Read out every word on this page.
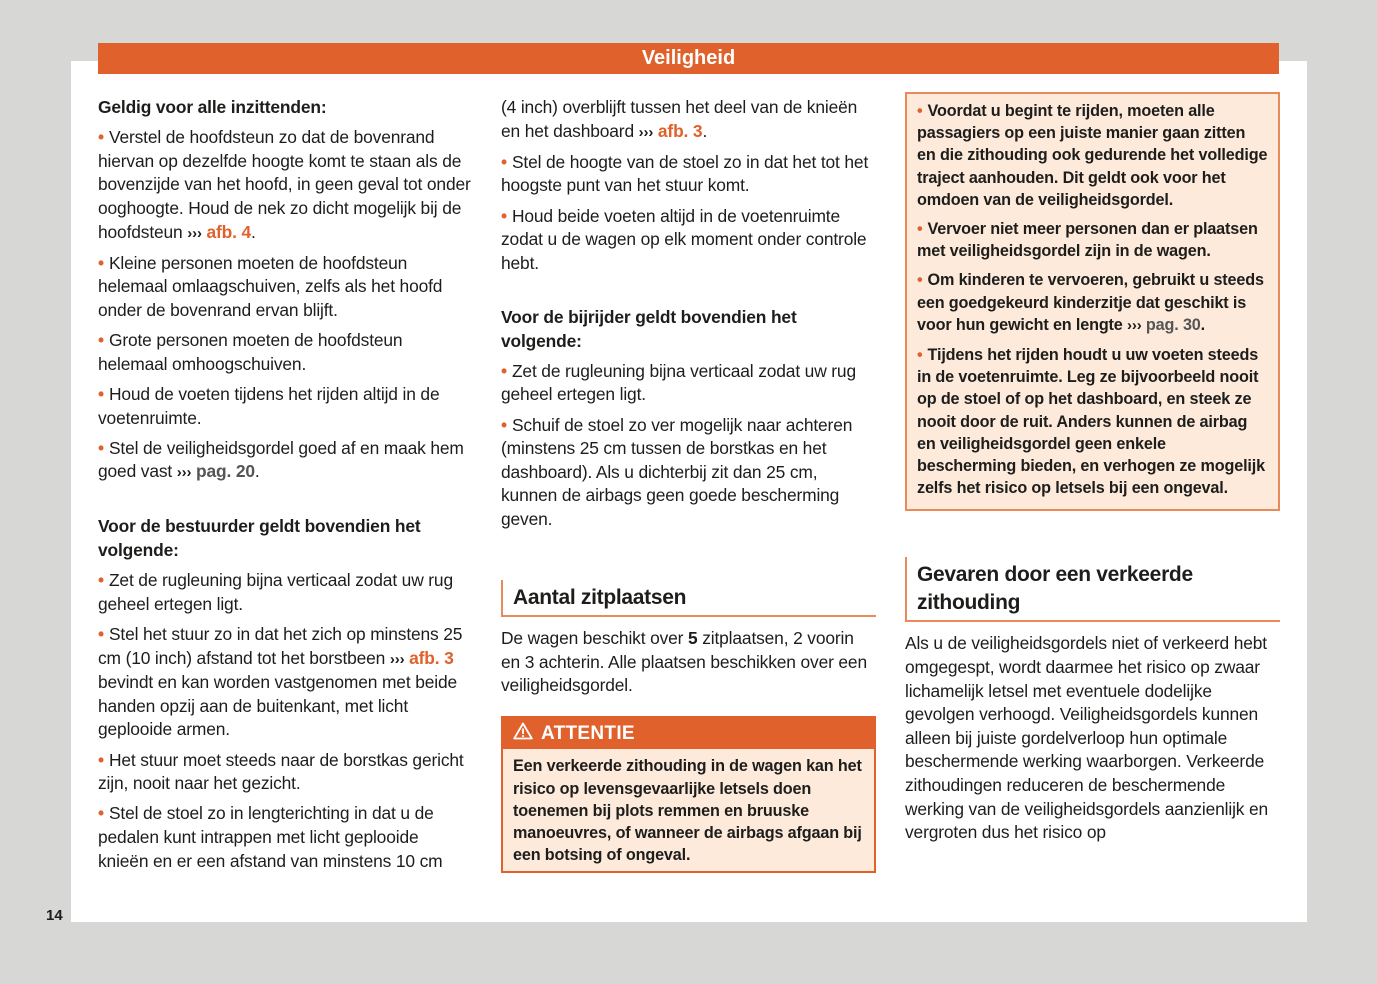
Veiligheid

Geldig voor alle inzittenden:

• Verstel de hoofdsteun zo dat de bovenrand hiervan op dezelfde hoogte komt te staan als de bovenzijde van het hoofd, in geen geval tot onder ooghoogte. Houd de nek zo dicht mogelijk bij de hoofdsteun ››› afb. 4.

• Kleine personen moeten de hoofdsteun helemaal omlaagschuiven, zelfs als het hoofd onder de bovenrand ervan blijft.

• Grote personen moeten de hoofdsteun helemaal omhoogschuiven.

• Houd de voeten tijdens het rijden altijd in de voetenruimte.

• Stel de veiligheidsgordel goed af en maak hem goed vast ››› pag. 20.

Voor de bestuurder geldt bovendien het volgende:

• Zet de rugleuning bijna verticaal zodat uw rug geheel ertegen ligt.

• Stel het stuur zo in dat het zich op minstens 25 cm (10 inch) afstand tot het borstbeen ››› afb. 3 bevindt en kan worden vastgenomen met beide handen opzij aan de buitenkant, met licht geplooide armen.

• Het stuur moet steeds naar de borstkas gericht zijn, nooit naar het gezicht.

• Stel de stoel zo in lengterichting in dat u de pedalen kunt intrappen met licht geplooide knieën en er een afstand van minstens 10 cm

(4 inch) overblijft tussen het deel van de knieën en het dashboard ››› afb. 3.

• Stel de hoogte van de stoel zo in dat het tot het hoogste punt van het stuur komt.

• Houd beide voeten altijd in de voetenruimte zodat u de wagen op elk moment onder controle hebt.

Voor de bijrijder geldt bovendien het volgende:

• Zet de rugleuning bijna verticaal zodat uw rug geheel ertegen ligt.

• Schuif de stoel zo ver mogelijk naar achteren (minstens 25 cm tussen de borstkas en het dashboard). Als u dichterbij zit dan 25 cm, kunnen de airbags geen goede bescherming geven.

Aantal zitplaatsen

De wagen beschikt over 5 zitplaatsen, 2 voorin en 3 achterin. Alle plaatsen beschikken over een veiligheidsgordel.

ATTENTIE
Een verkeerde zithouding in de wagen kan het risico op levensgevaarlijke letsels doen toenemen bij plots remmen en bruuske manoeuvres, of wanneer de airbags afgaan bij een botsing of ongeval.

• Voordat u begint te rijden, moeten alle passagiers op een juiste manier gaan zitten en die zithouding ook gedurende het volledige traject aanhouden. Dit geldt ook voor het omdoen van de veiligheidsgordel.

• Vervoer niet meer personen dan er plaatsen met veiligheidsgordel zijn in de wagen.

• Om kinderen te vervoeren, gebruikt u steeds een goedgekeurd kinderzitje dat geschikt is voor hun gewicht en lengte ››› pag. 30.

• Tijdens het rijden houdt u uw voeten steeds in de voetenruimte. Leg ze bijvoorbeeld nooit op de stoel of op het dashboard, en steek ze nooit door de ruit. Anders kunnen de airbag en veiligheidsgordel geen enkele bescherming bieden, en verhogen ze mogelijk zelfs het risico op letsels bij een ongeval.

Gevaren door een verkeerde zithouding

Als u de veiligheidsgordels niet of verkeerd hebt omgegespt, wordt daarmee het risico op zwaar lichamelijk letsel met eventuele dodelijke gevolgen verhoogd. Veiligheidsgordels kunnen alleen bij juiste gordelverloop hun optimale beschermende werking waarborgen. Verkeerde zithoudingen reduceren de beschermende werking van de veiligheidsgordels aanzienlijk en vergroten dus het risico op

14
